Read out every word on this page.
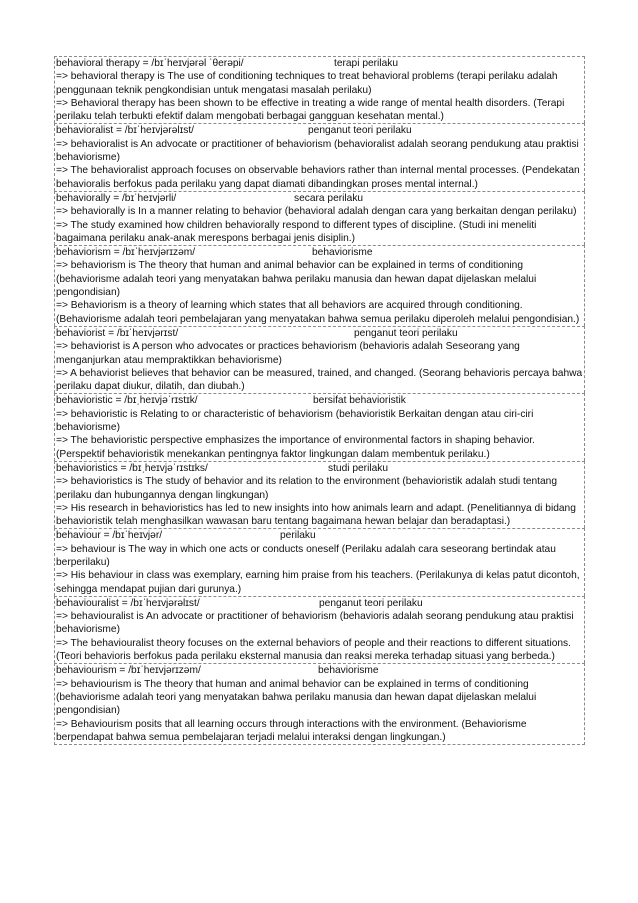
behavioral therapy = /bɪˈheɪvjərəl ˈθerəpi/	terapi perilaku
=> behavioral therapy is The use of conditioning techniques to treat behavioral problems (terapi perilaku adalah penggunaan teknik pengkondisian untuk mengatasi masalah perilaku)
=> Behavioral therapy has been shown to be effective in treating a wide range of mental health disorders. (Terapi perilaku telah terbukti efektif dalam mengobati berbagai gangguan kesehatan mental.)
behavioralist = /bɪˈheɪvjərəlɪst/	penganut teori perilaku
=> behavioralist is An advocate or practitioner of behaviorism (behavioralist adalah seorang pendukung atau praktisi behaviorisme)
=> The behavioralist approach focuses on observable behaviors rather than internal mental processes. (Pendekatan behavioralis berfokus pada perilaku yang dapat diamati dibandingkan proses mental internal.)
behaviorally = /bɪˈheɪvjərli/	secara perilaku
=> behaviorally is In a manner relating to behavior (behavioral adalah dengan cara yang berkaitan dengan perilaku)
=> The study examined how children behaviorally respond to different types of discipline. (Studi ini meneliti bagaimana perilaku anak-anak merespons berbagai jenis disiplin.)
behaviorism = /bɪˈheɪvjərɪzəm/	behaviorisme
=> behaviorism is The theory that human and animal behavior can be explained in terms of conditioning (behaviorisme adalah teori yang menyatakan bahwa perilaku manusia dan hewan dapat dijelaskan melalui pengondisian)
=> Behaviorism is a theory of learning which states that all behaviors are acquired through conditioning. (Behaviorisme adalah teori pembelajaran yang menyatakan bahwa semua perilaku diperoleh melalui pengondisian.)
behaviorist = /bɪˈheɪvjərɪst/	penganut teori perilaku
=> behaviorist is A person who advocates or practices behaviorism (behavioris adalah Seseorang yang menganjurkan atau mempraktikkan behaviorisme)
=> A behaviorist believes that behavior can be measured, trained, and changed. (Seorang behavioris percaya bahwa perilaku dapat diukur, dilatih, dan diubah.)
behavioristic = /bɪˌheɪvjəˈrɪstɪk/	bersifat behavioristik
=> behavioristic is Relating to or characteristic of behaviorism (behavioristik Berkaitan dengan atau ciri-ciri behaviorisme)
=> The behavioristic perspective emphasizes the importance of environmental factors in shaping behavior. (Perspektif behavioristik menekankan pentingnya faktor lingkungan dalam membentuk perilaku.)
behavioristics = /bɪˌheɪvjəˈrɪstɪks/	studi perilaku
=> behavioristics is The study of behavior and its relation to the environment (behavioristik adalah studi tentang perilaku dan hubungannya dengan lingkungan)
=> His research in behavioristics has led to new insights into how animals learn and adapt. (Penelitiannya di bidang behavioristik telah menghasilkan wawasan baru tentang bagaimana hewan belajar dan beradaptasi.)
behaviour = /bɪˈheɪvjər/	perilaku
=> behaviour is The way in which one acts or conducts oneself (Perilaku adalah cara seseorang bertindak atau berperilaku)
=> His behaviour in class was exemplary, earning him praise from his teachers. (Perilakunya di kelas patut dicontoh, sehingga mendapat pujian dari gurunya.)
behaviouralist = /bɪˈheɪvjərəlɪst/	penganut teori perilaku
=> behaviouralist is An advocate or practitioner of behaviorism (behavioris adalah seorang pendukung atau praktisi behaviorisme)
=> The behaviouralist theory focuses on the external behaviors of people and their reactions to different situations. (Teori behavioris berfokus pada perilaku eksternal manusia dan reaksi mereka terhadap situasi yang berbeda.)
behaviourism = /bɪˈheɪvjərɪzəm/	behaviorisme
=> behaviourism is The theory that human and animal behavior can be explained in terms of conditioning (behaviorisme adalah teori yang menyatakan bahwa perilaku manusia dan hewan dapat dijelaskan melalui pengondisian)
=> Behaviourism posits that all learning occurs through interactions with the environment. (Behaviorisme berpendapat bahwa semua pembelajaran terjadi melalui interaksi dengan lingkungan.)
